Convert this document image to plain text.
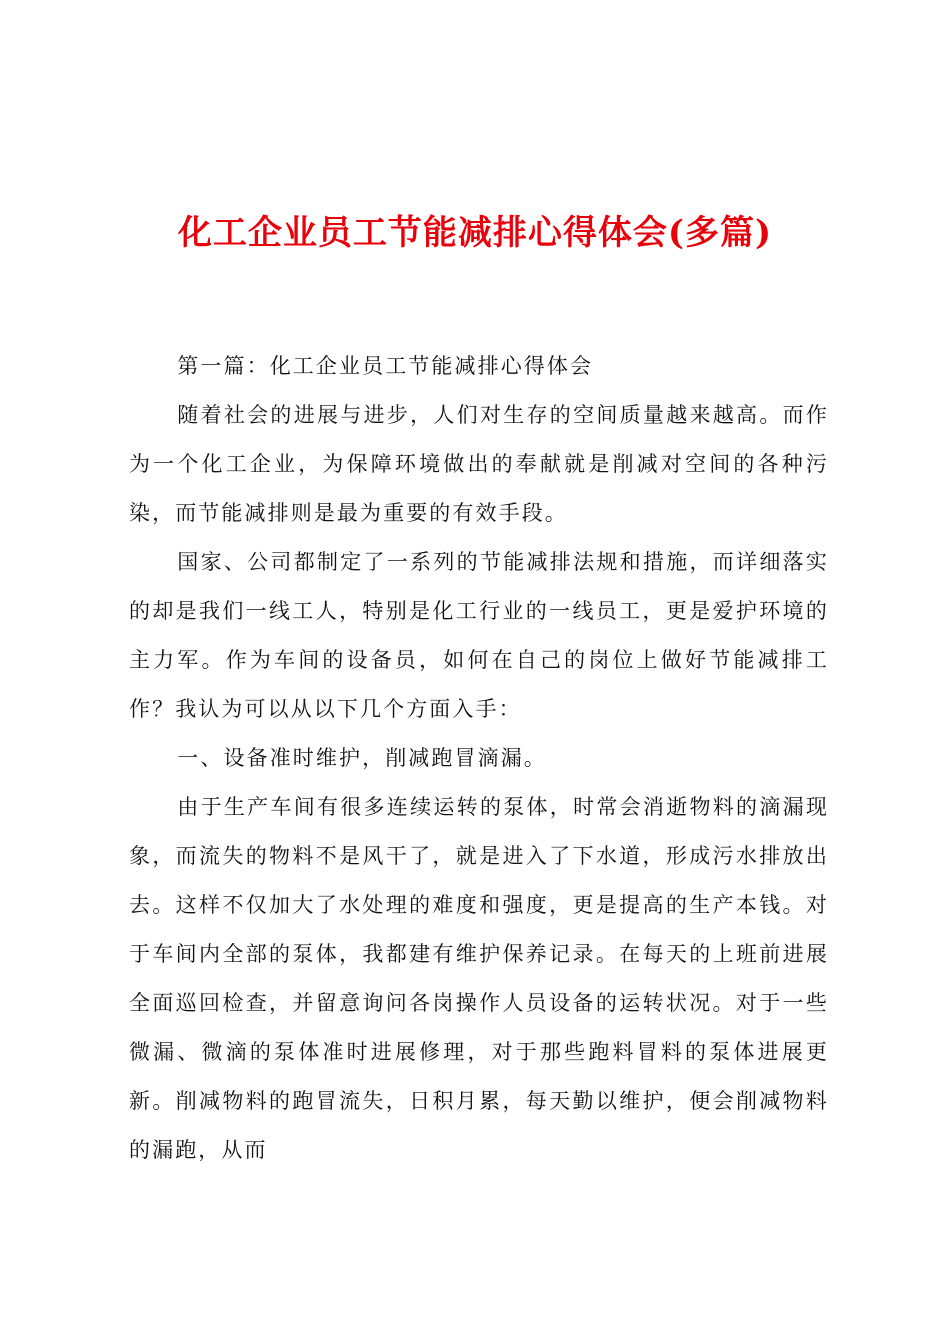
化工企业员工节能减排心得体会(多篇)

第一篇：化工企业员工节能减排心得体会

随着社会的进展与进步，人们对生存的空间质量越来越高。而作为一个化工企业，为保障环境做出的奉献就是削减对空间的各种污染，而节能减排则是最为重要的有效手段。

国家、公司都制定了一系列的节能减排法规和措施，而详细落实的却是我们一线工人，特别是化工行业的一线员工，更是爱护环境的主力军。作为车间的设备员，如何在自己的岗位上做好节能减排工作？我认为可以从以下几个方面入手：

一、设备准时维护，削减跑冒滴漏。

由于生产车间有很多连续运转的泵体，时常会消逝物料的滴漏现象，而流失的物料不是风干了，就是进入了下水道，形成污水排放出去。这样不仅加大了水处理的难度和强度，更是提高的生产本钱。对于车间内全部的泵体，我都建有维护保养记录。在每天的上班前进展全面巡回检查，并留意询问各岗操作人员设备的运转状况。对于一些微漏、微滴的泵体准时进展修理，对于那些跑料冒料的泵体进展更新。削减物料的跑冒流失，日积月累，每天勤以维护，便会削减物料的漏跑，从而
